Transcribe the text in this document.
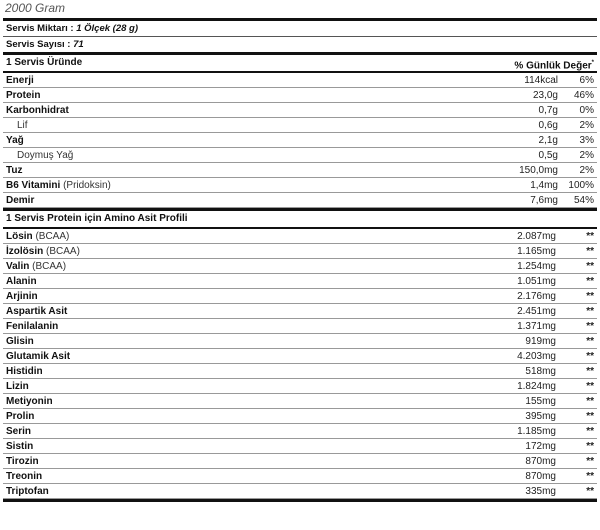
2000 Gram
Servis Miktarı : 1 Ölçek (28 g)
Servis Sayısı : 71
1 Servis Üründe	% Günlük Değer*
Enerji	114kcal	6%
Protein	23,0g	46%
Karbonhidrat	0,7g	0%
Lif	0,6g	2%
Yağ	2,1g	3%
Doymuş Yağ	0,5g	2%
Tuz	150,0mg	2%
B6 Vitamini (Pridoksin)	1,4mg	100%
Demir	7,6mg	54%
1 Servis Protein için Amino Asit Profili
Lösin (BCAA)	2.087mg	**
İzolösin (BCAA)	1.165mg	**
Valin (BCAA)	1.254mg	**
Alanin	1.051mg	**
Arjinin	2.176mg	**
Aspartik Asit	2.451mg	**
Fenilalanin	1.371mg	**
Glisin	919mg	**
Glutamik Asit	4.203mg	**
Histidin	518mg	**
Lizin	1.824mg	**
Metiyonin	155mg	**
Prolin	395mg	**
Serin	1.185mg	**
Sistin	172mg	**
Tirozin	870mg	**
Treonin	870mg	**
Triptofan	335mg	**
